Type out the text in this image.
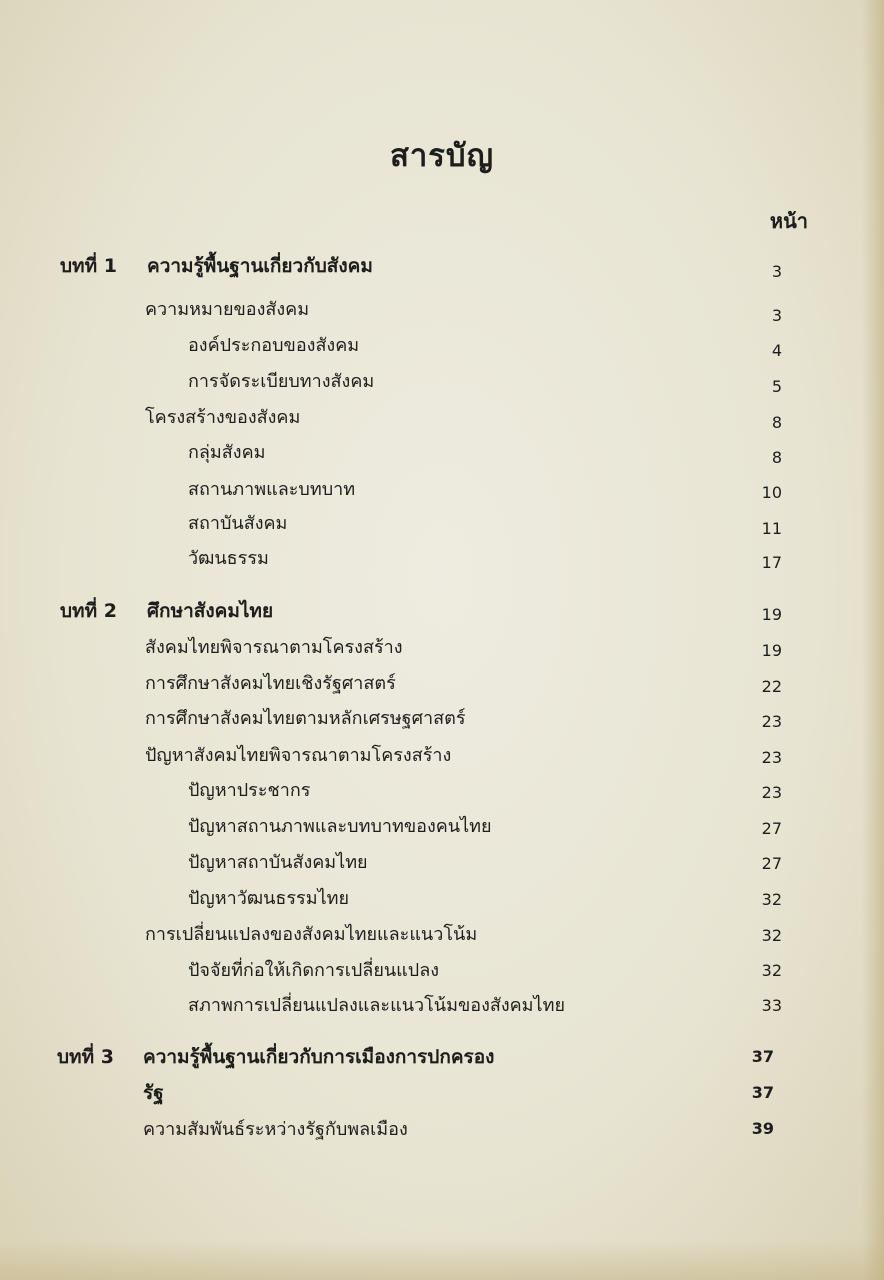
สารบัญ
หน้า
บทที่ 1 ความรู้พื้นฐานเกี่ยวกับสังคม	3
ความหมายของสังคม	3
องค์ประกอบของสังคม	4
การจัดระเบียบทางสังคม	5
โครงสร้างของสังคม	8
กลุ่มสังคม	8
สถานภาพและบทบาท	10
สถาบันสังคม	11
วัฒนธรรม	17
บทที่ 2 ศึกษาสังคมไทย	19
สังคมไทยพิจารณาตามโครงสร้าง	19
การศึกษาสังคมไทยเชิงรัฐศาสตร์	22
การศึกษาสังคมไทยตามหลักเศรษฐศาสตร์	23
ปัญหาสังคมไทยพิจารณาตามโครงสร้าง	23
ปัญหาประชากร	23
ปัญหาสถานภาพและบทบาทของคนไทย	27
ปัญหาสถาบันสังคมไทย	27
ปัญหาวัฒนธรรมไทย	32
การเปลี่ยนแปลงของสังคมไทยและแนวโน้ม	32
ปัจจัยที่ก่อให้เกิดการเปลี่ยนแปลง	32
สภาพการเปลี่ยนแปลงและแนวโน้มของสังคมไทย	33
บทที่ 3 ความรู้พื้นฐานเกี่ยวกับการเมืองการปกครอง	37
รัฐ	37
ความสัมพันธ์ระหว่างรัฐกับพลเมือง	39
